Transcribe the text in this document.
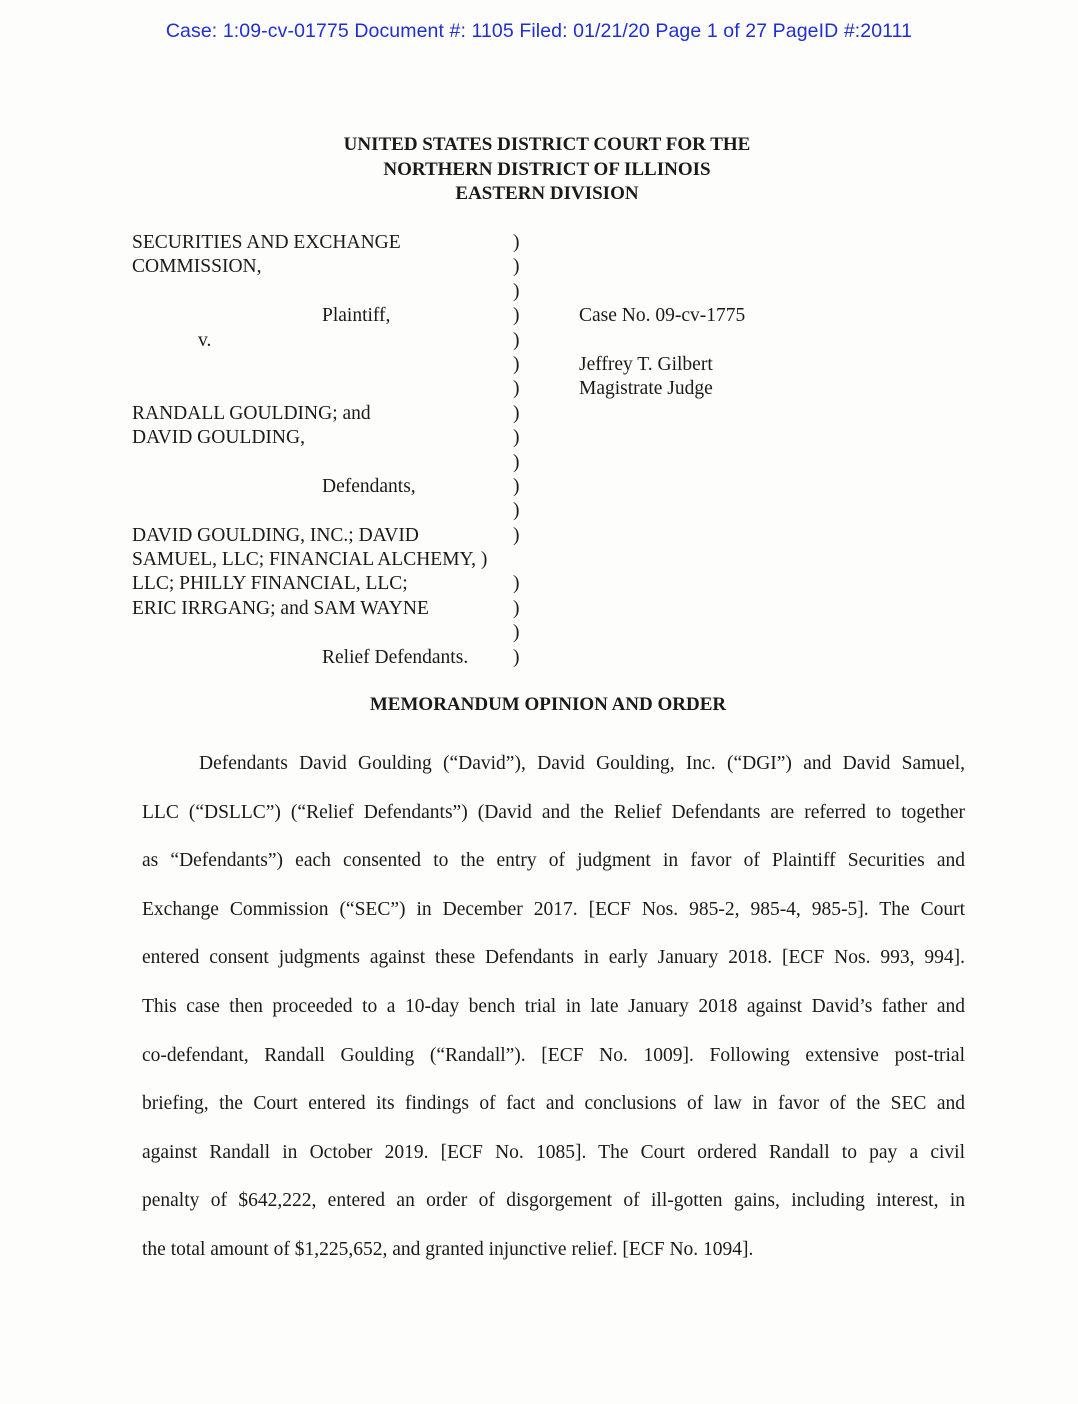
Case: 1:09-cv-01775 Document #: 1105 Filed: 01/21/20 Page 1 of 27 PageID #:20111
UNITED STATES DISTRICT COURT FOR THE
NORTHERN DISTRICT OF ILLINOIS
EASTERN DIVISION
SECURITIES AND EXCHANGE
COMMISSION,
Plaintiff,
v.
RANDALL GOULDING; and
DAVID GOULDING,
Defendants,
DAVID GOULDING, INC.; DAVID
SAMUEL, LLC; FINANCIAL ALCHEMY, )
LLC; PHILLY FINANCIAL, LLC;
ERIC IRRGANG; and SAM WAYNE
Relief Defendants.
)
)
)
)
)
)
)
)
)
)
)
)
)
)
)
)
)
Case No. 09-cv-1775
Jeffrey T. Gilbert
Magistrate Judge
MEMORANDUM OPINION AND ORDER
Defendants David Goulding (“David”), David Goulding, Inc. (“DGI”) and David Samuel,
LLC (“DSLLC”) (“Relief Defendants”) (David and the Relief Defendants are referred to together
as “Defendants”) each consented to the entry of judgment in favor of Plaintiff Securities and
Exchange Commission (“SEC”) in December 2017. [ECF Nos. 985-2, 985-4, 985-5]. The Court
entered consent judgments against these Defendants in early January 2018. [ECF Nos. 993, 994].
This case then proceeded to a 10-day bench trial in late January 2018 against David’s father and
co-defendant, Randall Goulding (“Randall”). [ECF No. 1009]. Following extensive post-trial
briefing, the Court entered its findings of fact and conclusions of law in favor of the SEC and
against Randall in October 2019. [ECF No. 1085]. The Court ordered Randall to pay a civil
penalty of $642,222, entered an order of disgorgement of ill-gotten gains, including interest, in
the total amount of $1,225,652, and granted injunctive relief. [ECF No. 1094].
